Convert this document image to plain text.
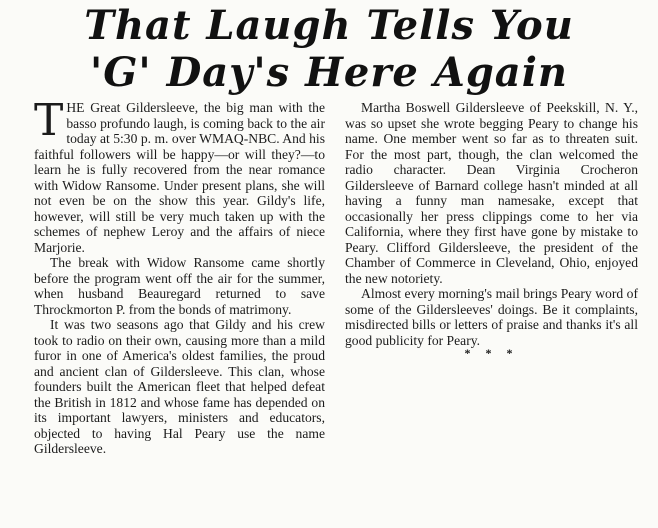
That Laugh Tells You
'G' Day's Here Again

THE Great Gildersleeve, the big man with the basso profundo laugh, is coming back to the air today at 5:30 p. m. over WMAQ-NBC. And his faithful followers will be happy—or will they?—to learn he is fully recovered from the near romance with Widow Ransome. Under present plans, she will not even be on the show this year. Gildy's life, however, will still be very much taken up with the schemes of nephew Leroy and the affairs of niece Marjorie.

The break with Widow Ransome came shortly before the program went off the air for the summer, when husband Beauregard returned to save Throckmorton P. from the bonds of matrimony.

It was two seasons ago that Gildy and his crew took to radio on their own, causing more than a mild furor in one of America's oldest families, the proud and ancient clan of Gildersleeve. This clan, whose founders built the American fleet that helped defeat the British in 1812 and whose fame has depended on its important lawyers, ministers and educators, objected to having Hal Peary use the name Gildersleeve.

Martha Boswell Gildersleeve of Peekskill, N. Y., was so upset she wrote begging Peary to change his name. One member went so far as to threaten suit. For the most part, though, the clan welcomed the radio character. Dean Virginia Crocheron Gildersleeve of Barnard college hasn't minded at all having a funny man namesake, except that occasionally her press clippings come to her via California, where they first have gone by mistake to Peary. Clifford Gildersleeve, the president of the Chamber of Commerce in Cleveland, Ohio, enjoyed the new notoriety.

Almost every morning's mail brings Peary word of some of the Gildersleeves' doings. Be it complaints, misdirected bills or letters of praise and thanks it's all good publicity for Peary.

* * *
